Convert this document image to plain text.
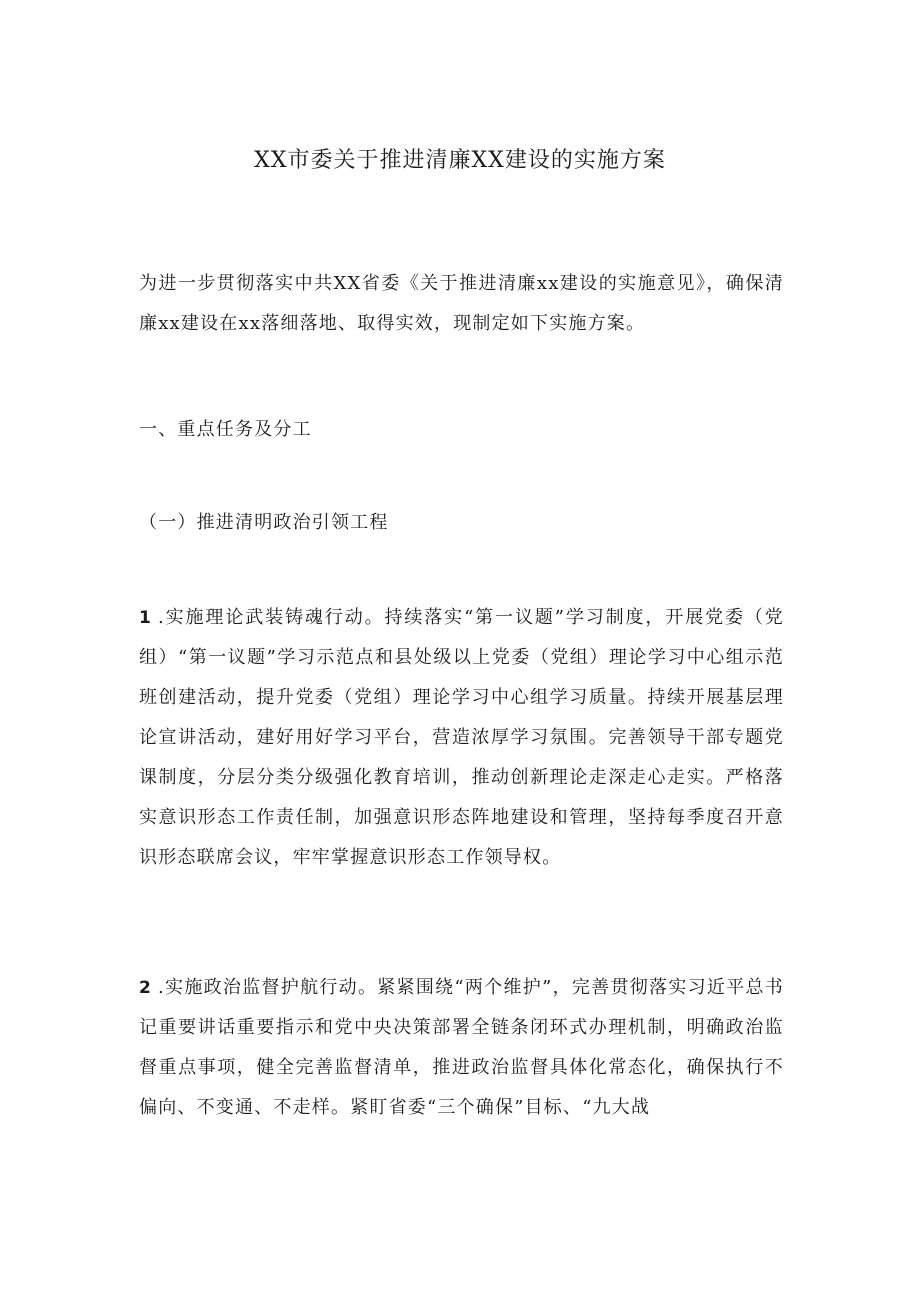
XX市委关于推进清廉XX建设的实施方案

为进一步贯彻落实中共XX省委《关于推进清廉xx建设的实施意见》，确保清廉xx建设在xx落细落地、取得实效，现制定如下实施方案。

一、重点任务及分工

（一）推进清明政治引领工程

1 .实施理论武装铸魂行动。持续落实“第一议题”学习制度，开展党委（党组）“第一议题”学习示范点和县处级以上党委（党组）理论学习中心组示范班创建活动，提升党委（党组）理论学习中心组学习质量。持续开展基层理论宣讲活动，建好用好学习平台，营造浓厚学习氛围。完善领导干部专题党课制度，分层分类分级强化教育培训，推动创新理论走深走心走实。严格落实意识形态工作责任制，加强意识形态阵地建设和管理，坚持每季度召开意识形态联席会议，牢牢掌握意识形态工作领导权。

2 .实施政治监督护航行动。紧紧围绕“两个维护”，完善贯彻落实习近平总书记重要讲话重要指示和党中央决策部署全链条闭环式办理机制，明确政治监督重点事项，健全完善监督清单，推进政治监督具体化常态化，确保执行不偏向、不变通、不走样。紧盯省委“三个确保”目标、“九大战
